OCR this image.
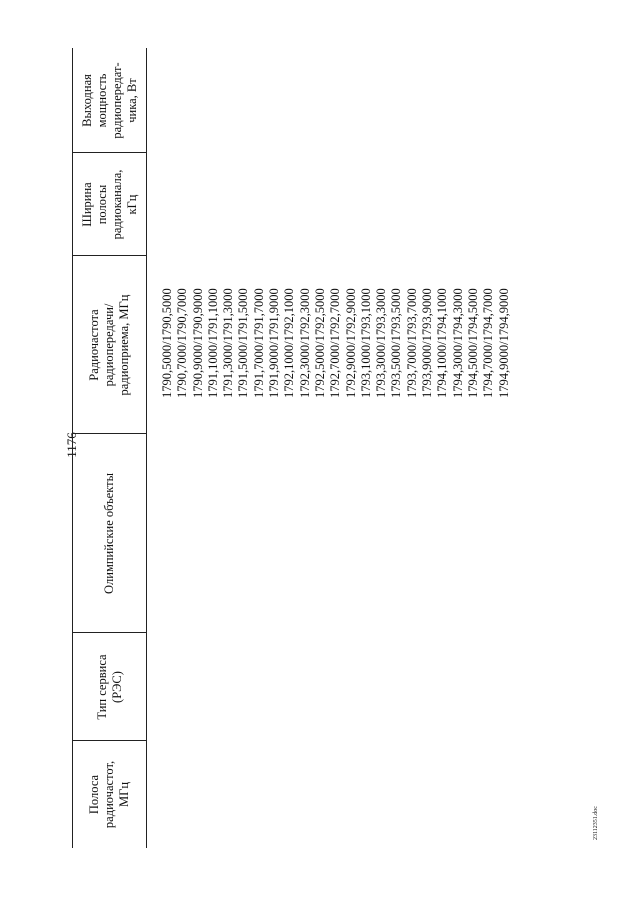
1176
Полоса
радиочастот,
МГц
Тип сервиса
(РЭС)
Олимпийские объекты
Радиочастота
радиопередачи/
радиоприема, МГц
Ширина
полосы
радиоканала,
кГц
Выходная
мощность
радиопередат-
чика, Вт
1790,5000/1790,5000 1790,7000/1790,7000 1790,9000/1790,9000 1791,1000/1791,1000 1791,3000/1791,3000 1791,5000/1791,5000 1791,7000/1791,7000 1791,9000/1791,9000 1792,1000/1792,1000 1792,3000/1792,3000 1792,5000/1792,5000 1792,7000/1792,7000 1792,9000/1792,9000 1793,1000/1793,1000 1793,3000/1793,3000 1793,5000/1793,5000 1793,7000/1793,7000 1793,9000/1793,9000 1794,1000/1794,1000 1794,3000/1794,3000 1794,5000/1794,5000 1794,7000/1794,7000 1794,9000/1794,9000
23112351.doc
